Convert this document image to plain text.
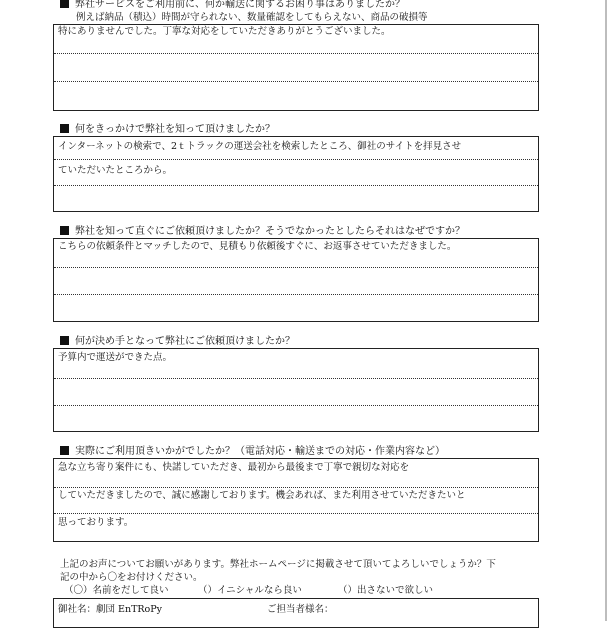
弊社サービスをご利用前に、何か輸送に関するお困り事はありましたか？
例えば納品（積込）時間が守られない、数量確認をしてもらえない、商品の破損等
特にありませんでした。丁寧な対応をしていただきありがとうございました。
何をきっかけで弊社を知って頂けましたか？
インターネットの検索で、2ｔトラックの運送会社を検索したところ、御社のサイトを拝見させ
ていただいたところから。
弊社を知って直ぐにご依頼頂けましたか？そうでなかったとしたらそれはなぜですか？
こちらの依頼条件とマッチしたので、見積もり依頼後すぐに、お返事させていただきました。
何が決め手となって弊社にご依頼頂けましたか？
予算内で運送ができた点。
実際にご利用頂きいかがでしたか？（電話対応・輸送までの対応・作業内容など）
急な立ち寄り案件にも、快諾していただき、最初から最後まで丁寧で親切な対応を
していただきましたので、誠に感謝しております。機会あれば、また利用させていただきたいと
思っております。
上記のお声についてお願いがあります。弊社ホームページに掲載させて頂いてよろしいでしょうか？下
記の中から〇をお付けください。
（〇）名前をだして良い	（）イニシャルなら良い	（）出さないで欲しい
御社名：劇団 EnTRoPy	ご担当者様名：
